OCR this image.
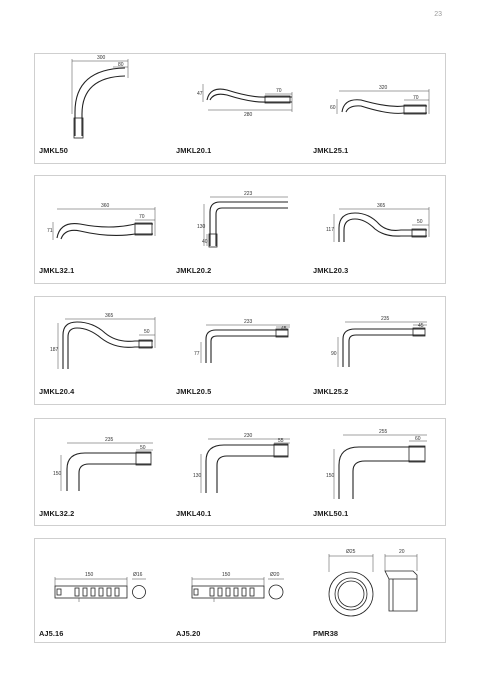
23
300
80
JMKL50
47	70
280
JMKL20.1
320
70
60
JMKL25.1
360
70
71
JMKL32.1
223
130
40
JMKL20.2
365
50
117
JMKL20.3
365
50
187
JMKL20.4
233
45
77
JMKL20.5
235
45
90
JMKL25.2
235
50
150
JMKL32.2
230
55
130
JMKL40.1
255
60
150
JMKL50.1
150	Ø16
AJ5.16
150	Ø20
AJ5.20
Ø25	20
PMR38
